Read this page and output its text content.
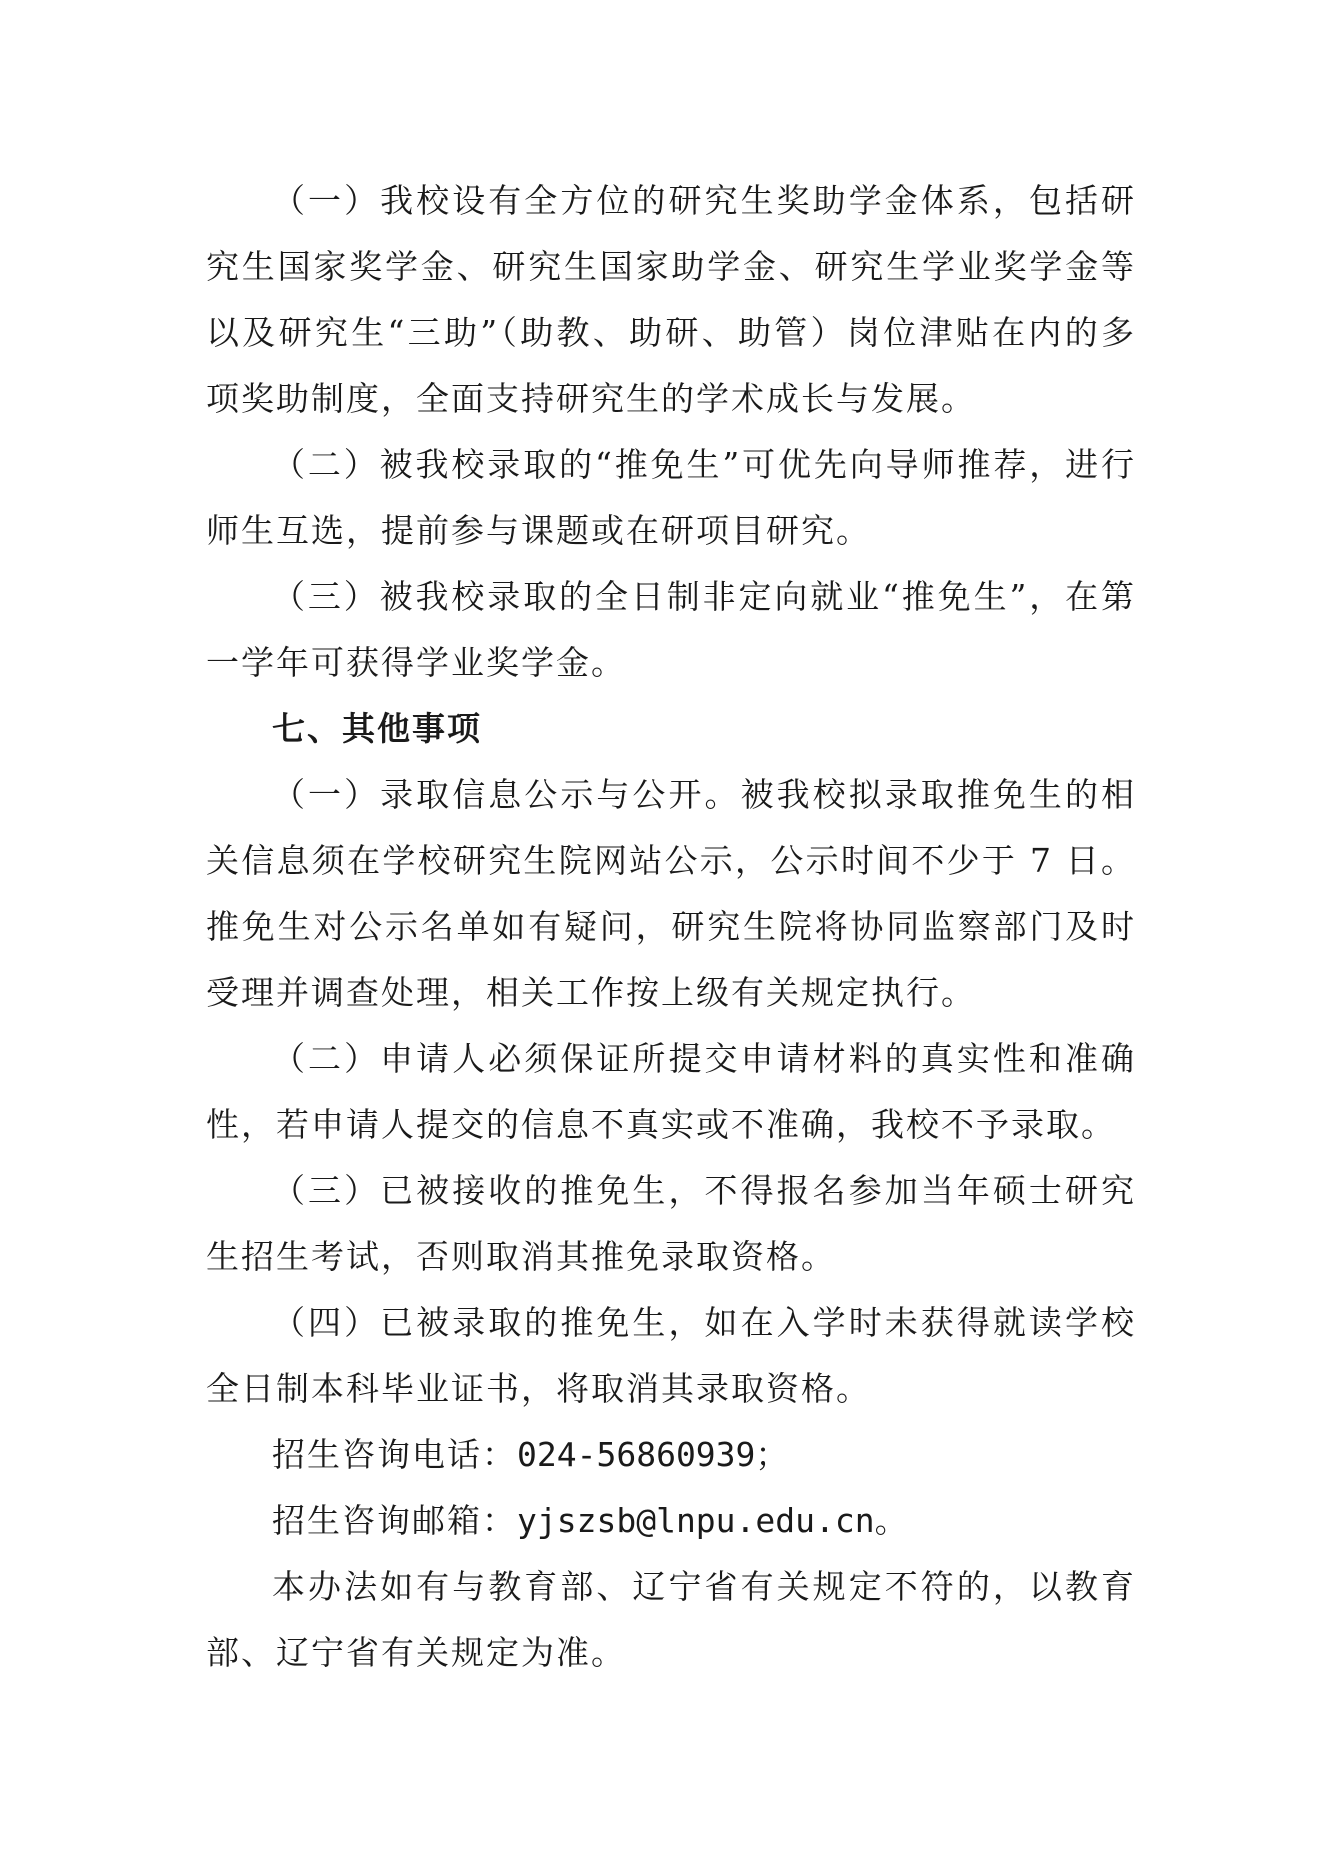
（一）我校设有全方位的研究生奖助学金体系，包括研究生国家奖学金、研究生国家助学金、研究生学业奖学金等以及研究生“三助”（助教、助研、助管）岗位津贴在内的多项奖助制度，全面支持研究生的学术成长与发展。

（二）被我校录取的“推免生”可优先向导师推荐，进行师生互选，提前参与课题或在研项目研究。

（三）被我校录取的全日制非定向就业“推免生”，在第一学年可获得学业奖学金。

七、其他事项

（一）录取信息公示与公开。被我校拟录取推免生的相关信息须在学校研究生院网站公示，公示时间不少于 7 日。推免生对公示名单如有疑问，研究生院将协同监察部门及时受理并调查处理，相关工作按上级有关规定执行。

（二）申请人必须保证所提交申请材料的真实性和准确性，若申请人提交的信息不真实或不准确，我校不予录取。

（三）已被接收的推免生，不得报名参加当年硕士研究生招生考试，否则取消其推免录取资格。

（四）已被录取的推免生，如在入学时未获得就读学校全日制本科毕业证书，将取消其录取资格。

招生咨询电话：024-56860939；

招生咨询邮箱：yjszsb@lnpu.edu.cn。

本办法如有与教育部、辽宁省有关规定不符的，以教育部、辽宁省有关规定为准。
